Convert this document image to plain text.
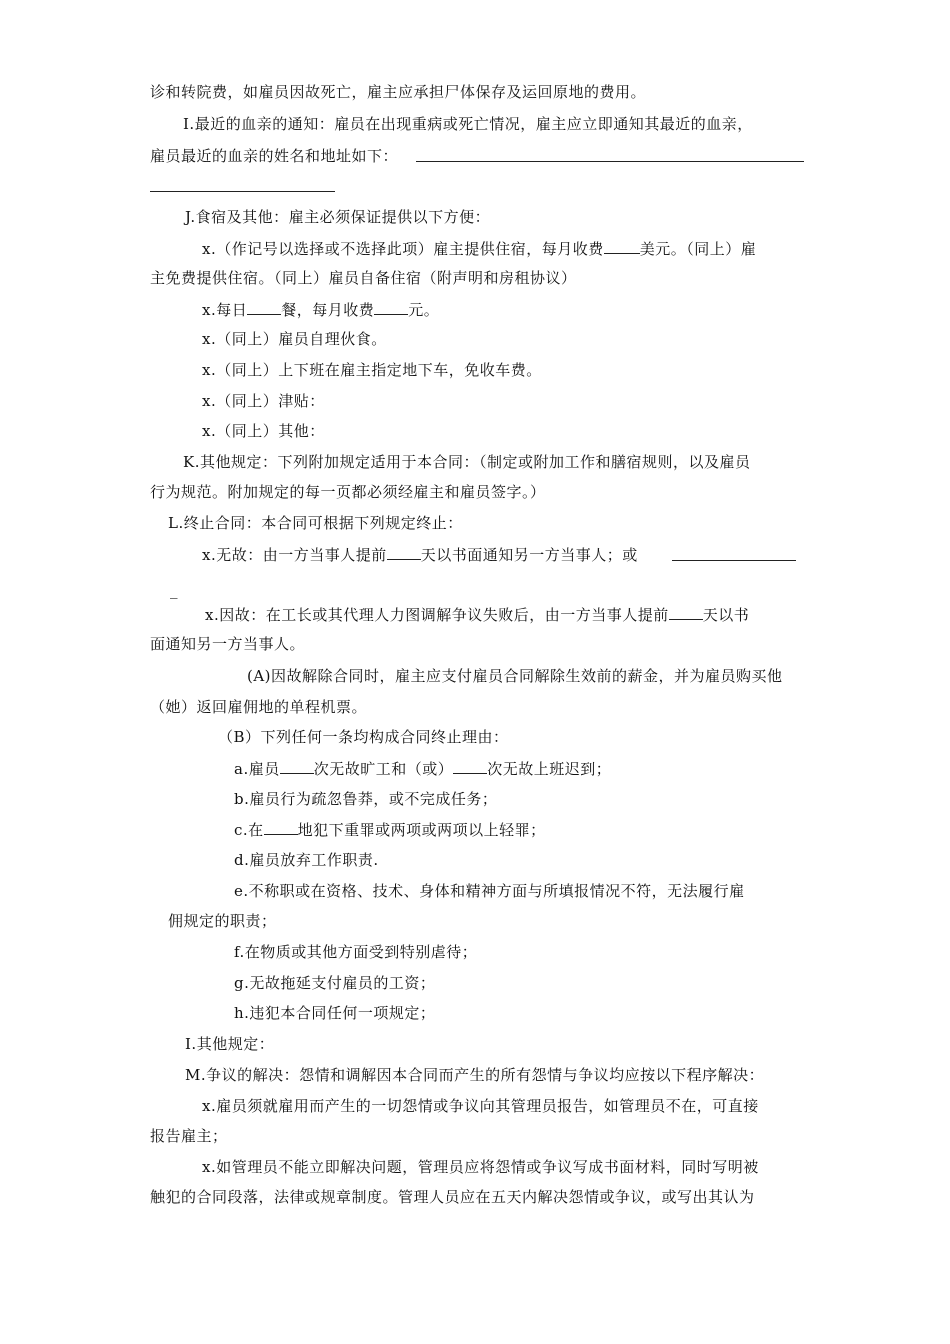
诊和转院费，如雇员因故死亡，雇主应承担尸体保存及运回原地的费用。
I.最近的血亲的通知：雇员在出现重病或死亡情况，雇主应立即通知其最近的血亲，
雇员最近的血亲的姓名和地址如下：
J.食宿及其他：雇主必须保证提供以下方便：
x.（作记号以选择或不选择此项）雇主提供住宿，每月收费 美元。（同上）雇
主免费提供住宿。（同上）雇员自备住宿（附声明和房租协议）
x.每日 餐，每月收费 元。
x.（同上）雇员自理伙食。
x.（同上）上下班在雇主指定地下车，免收车费。
x.（同上）津贴：
x.（同上）其他：
K.其他规定：下列附加规定适用于本合同：（制定或附加工作和膳宿规则，以及雇员
行为规范。附加规定的每一页都必须经雇主和雇员签字。）
L.终止合同：本合同可根据下列规定终止：
x.无故：由一方当事人提前 天以书面通知另一方当事人；或
_
x.因故：在工长或其代理人力图调解争议失败后，由一方当事人提前 天以书
面通知另一方当事人。
(A)因故解除合同时，雇主应支付雇员合同解除生效前的薪金，并为雇员购买他
（她）返回雇佣地的单程机票。
（B）下列任何一条均构成合同终止理由：
a.雇员 次无故旷工和（或） 次无故上班迟到；
b.雇员行为疏忽鲁莽，或不完成任务；
c.在 地犯下重罪或两项或两项以上轻罪；
d.雇员放弃工作职责.
e.不称职或在资格、技术、身体和精神方面与所填报情况不符，无法履行雇
佣规定的职责；
f.在物质或其他方面受到特别虐待；
g.无故拖延支付雇员的工资；
h.违犯本合同任何一项规定；
I.其他规定：
M.争议的解决：怨情和调解因本合同而产生的所有怨情与争议均应按以下程序解决：
x.雇员须就雇用而产生的一切怨情或争议向其管理员报告，如管理员不在，可直接
报告雇主；
x.如管理员不能立即解决问题，管理员应将怨情或争议写成书面材料，同时写明被
触犯的合同段落，法律或规章制度。管理人员应在五天内解决怨情或争议，或写出其认为
